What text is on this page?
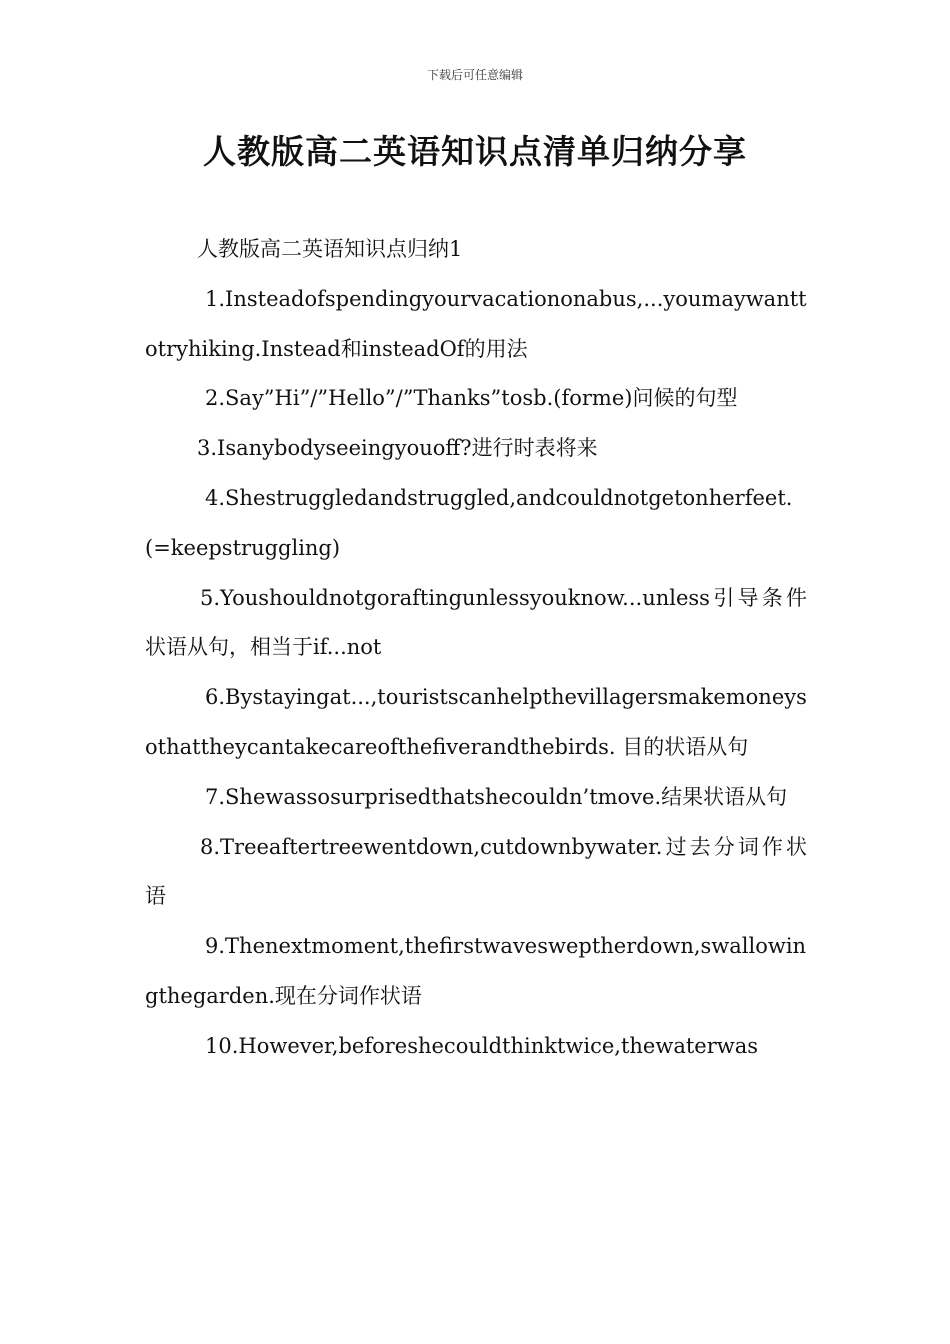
下载后可任意编辑
人教版高二英语知识点清单归纳分享

人教版高二英语知识点归纳1

1.Insteadofspendingyourvacationonabus,...youmaywanttotryhiking.Instead和insteadOf的用法

2.Say”Hi”/”Hello”/”Thanks”tosb.(forme)问候的句型

3.Isanybodyseeingyouoff?进行时表将来

4.Shestruggledandstruggled,andcouldnotgetonherfeet.(=keepstruggling)

5.Youshouldnotgoraftingunlessyouknow...unless引导条件状语从句，相当于if...not

6.Bystayingat...,touristscanhelpthevillagersmakemoneysothattheycantakecareofthefiverandthebirds. 目的状语从句

7.Shewassosurprisedthatshecouldn’tmove.结果状语从句

8.Treeaftertreewentdown,cutdownbywater.过去分词作状语

9.Thenextmoment,thefirstwavesweptherdown,swallowingthegarden.现在分词作状语

10.However,beforeshecouldthinktwice,thewaterwas
